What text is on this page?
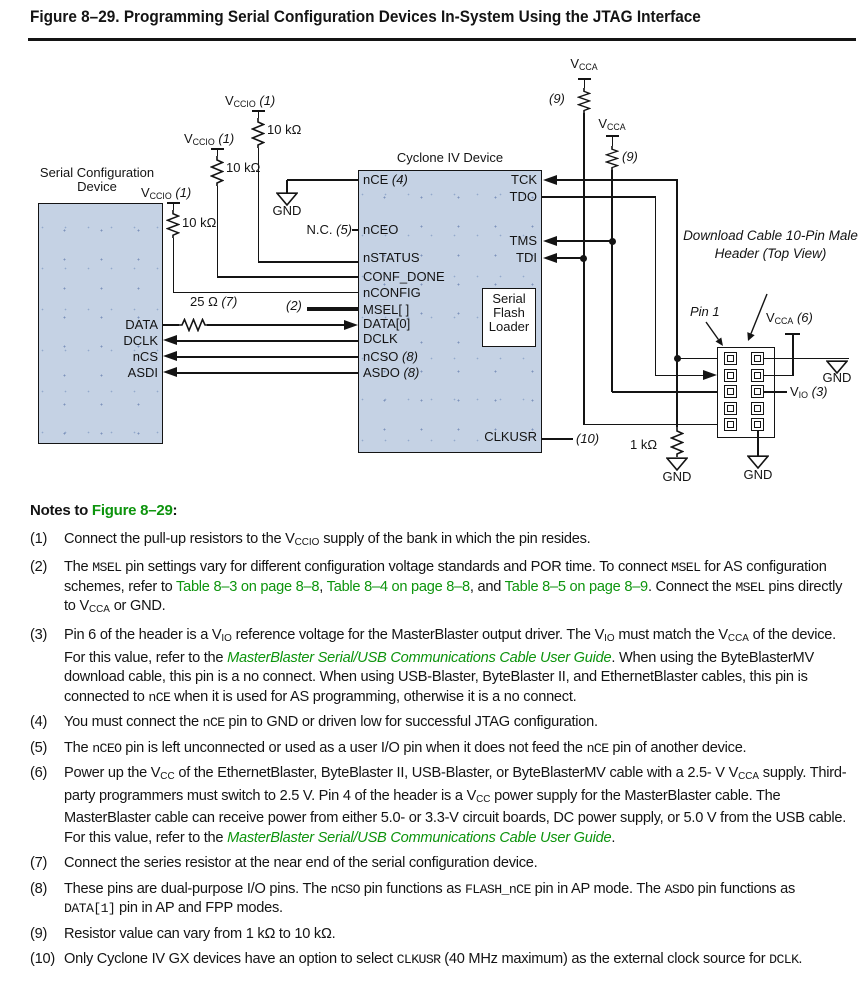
Figure 8–29. Programming Serial Configuration Devices In-System Using the JTAG Interface
Serial Configuration
Device
DATA
DCLK
nCS
ASDI
$V_{CCIO}$ (1)
10 kΩ
$V_{CCIO}$ (1)
10 kΩ
$V_{CCIO}$ (1)
10 kΩ
GND
N.C. (5)
25 Ω (7)	(2)
Cyclone IV Device
nCE (4)
nCEO
nSTATUS
CONF_DONE
nCONFIG
MSEL[ ]
DATA[0]
DCLK
nCSO (8)
ASDO (8)
TCK
TDO
TMS
TDI
CLKUSR
Serial
Flash
Loader
$V_{CCA}$
(9)
$V_{CCA}$
(9)
1 kΩ
GND
Download Cable 10-Pin Male
Header (Top View)
Pin 1
GND
$V_{CCA}$ (6)
$V_{IO}$ (3)
GND
(10)
Notes to Figure 8–29:
(1)	Connect the pull-up resistors to the $V_{CCIO}$ supply of the bank in which the pin resides.
(2)	The MSEL pin settings vary for different configuration voltage standards and POR time. To connect MSEL for AS configuration schemes, refer to Table 8–3 on page 8–8, Table 8–4 on page 8–8, and Table 8–5 on page 8–9. Connect the MSEL pins directly to $V_{CCA}$ or GND.
(3)	Pin 6 of the header is a $V_{IO}$ reference voltage for the MasterBlaster output driver. The $V_{IO}$ must match the $V_{CCA}$ of the device. For this value, refer to the MasterBlaster Serial/USB Communications Cable User Guide. When using the ByteBlasterMV download cable, this pin is a no connect. When using USB-Blaster, ByteBlaster II, and EthernetBlaster cables, this pin is connected to nCE when it is used for AS programming, otherwise it is a no connect.
(4)	You must connect the nCE pin to GND or driven low for successful JTAG configuration.
(5)	The nCEO pin is left unconnected or used as a user I/O pin when it does not feed the nCE pin of another device.
(6)	Power up the $V_{CC}$ of the EthernetBlaster, ByteBlaster II, USB-Blaster, or ByteBlasterMV cable with a 2.5- V $V_{CCA}$ supply. Third-party programmers must switch to 2.5 V. Pin 4 of the header is a $V_{CC}$ power supply for the MasterBlaster cable. The MasterBlaster cable can receive power from either 5.0- or 3.3-V circuit boards, DC power supply, or 5.0 V from the USB cable. For this value, refer to the MasterBlaster Serial/USB Communications Cable User Guide.
(7)	Connect the series resistor at the near end of the serial configuration device.
(8)	These pins are dual-purpose I/O pins. The nCSO pin functions as FLASH_nCE pin in AP mode. The ASDO pin functions as DATA[1] pin in AP and FPP modes.
(9)	Resistor value can vary from 1 kΩ to 10 kΩ.
(10) Only Cyclone IV GX devices have an option to select CLKUSR (40 MHz maximum) as the external clock source for DCLK.
